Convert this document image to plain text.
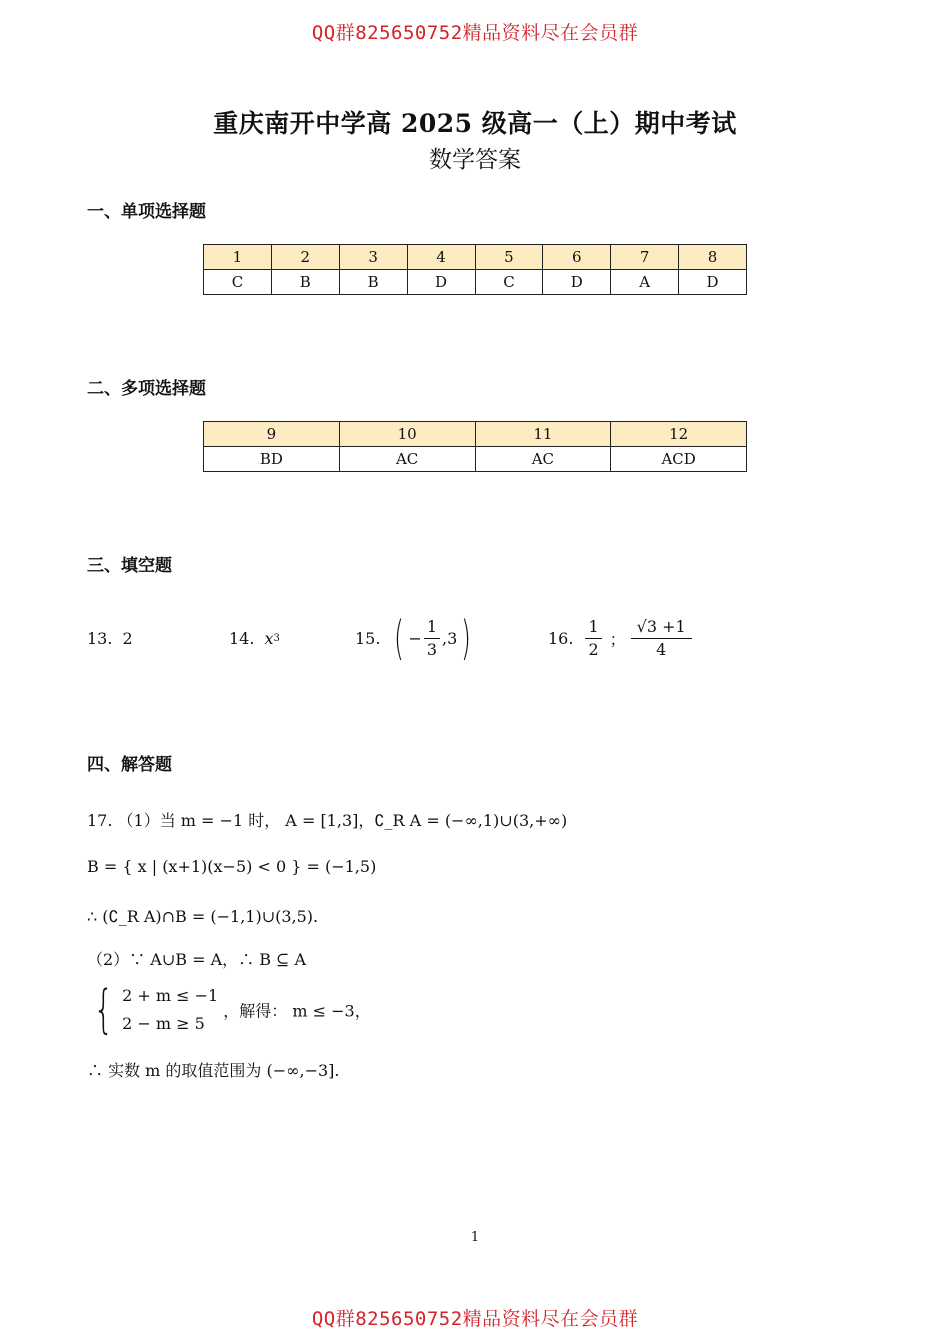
QQ群825650752精品资料尽在会员群
重庆南开中学高 2025 级高一（上）期中考试
数学答案
一、单项选择题
1	2	3	4	5	6	7	8
C	B	B	D	C	D	A	D
二、多项选择题
9	10	11	12
BD	AC	AC	ACD
三、填空题
13. 2	14. x 3	15. ( − $\frac{1}{3} ,3$ )	16. $\frac{1}{2}$ ； $\frac{√3 +1}{4}$
四、解答题
17. （1）当 m = −1 时， A = [1,3]，∁_R A = (−∞,1)∪(3,+∞)
B = { x | (x+1)(x−5) < 0 } = (−1,5)
∴ (∁_R A)∩B = (−1,1)∪(3,5).
（2）∵ A∪B = A，∴ B ⊆ A
{ 2 + m ≤ −1
2 − m ≥ 5
，解得： m ≤ −3，
∴ 实数 m 的取值范围为 (−∞,−3].
1
QQ群825650752精品资料尽在会员群
